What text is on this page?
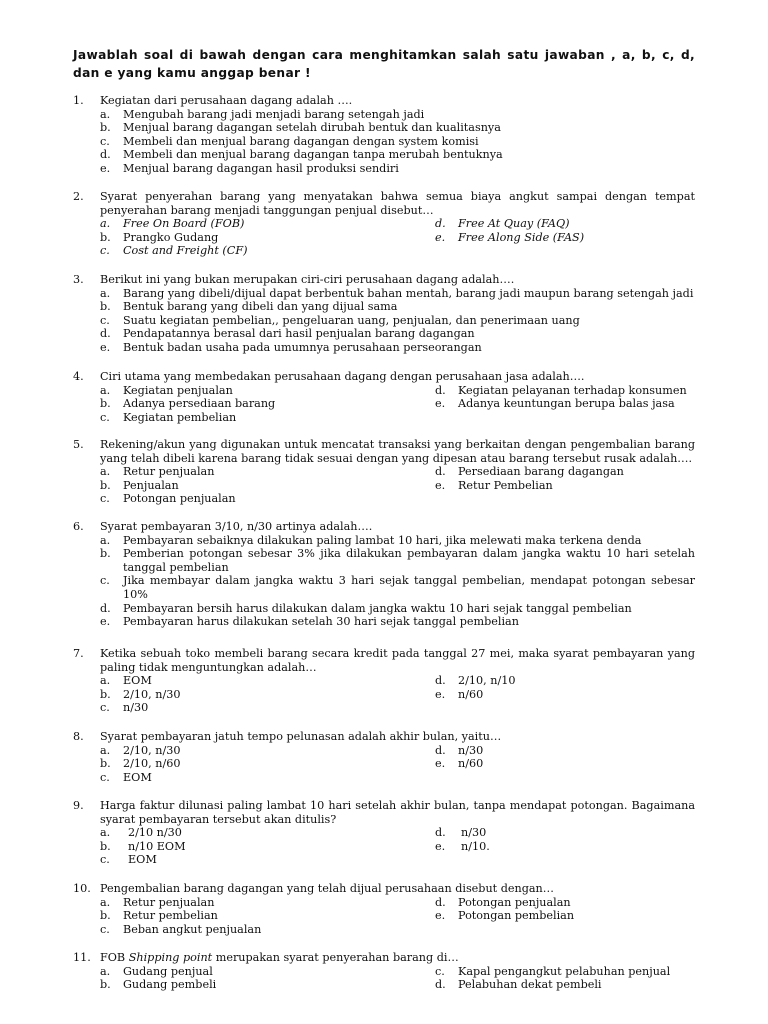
Jawablah soal di bawah dengan cara menghitamkan salah satu jawaban , a, b, c, d, dan e yang kamu anggap benar !
1.	Kegiatan dari perusahaan dagang adalah ….
a.	Mengubah barang jadi menjadi barang setengah jadi
b.	Menjual barang dagangan setelah dirubah bentuk dan kualitasnya
c.	Membeli dan menjual barang dagangan dengan system komisi
d.	Membeli dan menjual barang dagangan tanpa merubah bentuknya
e.	Menjual barang dagangan hasil produksi sendiri
2.	Syarat penyerahan barang yang menyatakan bahwa semua biaya angkut sampai dengan tempat penyerahan barang menjadi tanggungan penjual disebut…
a.	Free On Board (FOB)	d.	Free At Quay (FAQ)
b.	Prangko Gudang	e.	Free Along Side (FAS)
c.	Cost and Freight (CF)
3.	Berikut ini yang bukan merupakan ciri-ciri perusahaan dagang adalah….
a.	Barang yang dibeli/dijual dapat berbentuk bahan mentah, barang jadi maupun barang setengah jadi
b.	Bentuk barang yang dibeli dan yang dijual sama
c.	Suatu kegiatan pembelian,, pengeluaran uang, penjualan, dan penerimaan uang
d.	Pendapatannya berasal dari hasil penjualan barang dagangan
e.	Bentuk badan usaha pada umumnya perusahaan perseorangan
4.	Ciri utama yang membedakan perusahaan dagang dengan perusahaan jasa adalah….
a.	Kegiatan penjualan	d.	Kegiatan pelayanan terhadap konsumen
b.	Adanya persediaan barang	e.	Adanya keuntungan berupa balas jasa
c.	Kegiatan pembelian
5.	Rekening/akun yang digunakan untuk mencatat transaksi yang berkaitan dengan pengembalian barang yang telah dibeli karena barang tidak sesuai dengan yang dipesan atau barang tersebut rusak adalah….
a.	Retur penjualan	d.	Persediaan barang dagangan
b.	Penjualan	e.	Retur Pembelian
c.	Potongan penjualan
6.	Syarat pembayaran 3/10, n/30 artinya adalah….
a.	Pembayaran sebaiknya dilakukan paling lambat 10 hari, jika melewati maka terkena denda
b.	Pemberian potongan sebesar 3% jika dilakukan pembayaran dalam jangka waktu 10 hari setelah tanggal pembelian
c.	Jika membayar dalam jangka waktu 3 hari sejak tanggal pembelian, mendapat potongan sebesar 10%
d.	Pembayaran bersih harus dilakukan dalam jangka waktu 10 hari sejak tanggal pembelian
e.	Pembayaran harus dilakukan setelah 30 hari sejak tanggal pembelian
7.	Ketika sebuah toko membeli barang secara kredit pada tanggal 27 mei, maka syarat pembayaran yang paling tidak menguntungkan adalah…
a.	EOM	d.	2/10, n/10
b.	2/10, n/30	e.	n/60
c.	n/30
8.	Syarat pembayaran jatuh tempo pelunasan adalah akhir bulan, yaitu…
a.	2/10, n/30	d.	n/30
b.	2/10, n/60	e.	n/60
c.	EOM
9.	Harga faktur dilunasi paling lambat 10 hari setelah akhir bulan, tanpa mendapat potongan. Bagaimana syarat pembayaran tersebut akan ditulis?
a.	2/10 n/30	d.	n/30
b.	n/10 EOM	e.	n/10.
c.	EOM
10. Pengembalian barang dagangan yang telah dijual perusahaan disebut dengan…
a.	Retur penjualan	d.	Potongan penjualan
b.	Retur pembelian	e.	Potongan pembelian
c.	Beban angkut penjualan
11. FOB Shipping point merupakan syarat penyerahan barang di…
a.	Gudang penjual	c.	Kapal pengangkut pelabuhan penjual
b.	Gudang pembeli	d.	Pelabuhan dekat pembeli
